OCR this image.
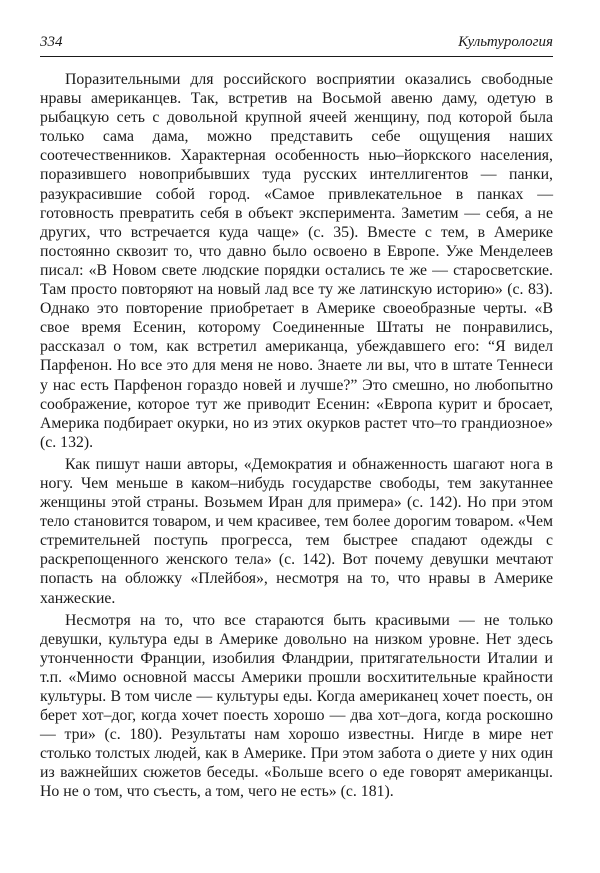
334	Культурология

Поразительными для российского восприятии оказались свободные нравы американцев. Так, встретив на Восьмой авеню даму, одетую в рыбацкую сеть с довольной крупной ячеей женщину, под которой была только сама дама, можно представить себе ощущения наших соотечественников. Характерная особенность нью–йоркского населения, поразившего новоприбывших туда русских интеллигентов — панки, разукрасившие собой город. «Самое привлекательное в панках — готовность превратить себя в объект эксперимента. Заметим — себя, а не других, что встречается куда чаще» (с. 35). Вместе с тем, в Америке постоянно сквозит то, что давно было освоено в Европе. Уже Менделеев писал: «В Новом свете людские порядки остались те же — старосветские. Там просто повторяют на новый лад все ту же латинскую историю» (с. 83). Однако это повторение приобретает в Америке своеобразные черты. «В свое время Есенин, которому Соединенные Штаты не понравились, рассказал о том, как встретил американца, убеждавшего его: “Я видел Парфенон. Но все это для меня не ново. Знаете ли вы, что в штате Теннеси у нас есть Парфенон гораздо новей и лучше?” Это смешно, но любопытно соображение, которое тут же приводит Есенин: «Европа курит и бросает, Америка подбирает окурки, но из этих окурков растет что–то грандиозное» (с. 132).

Как пишут наши авторы, «Демократия и обнаженность шагают нога в ногу. Чем меньше в каком–нибудь государстве свободы, тем закутаннее женщины этой страны. Возьмем Иран для примера» (с. 142). Но при этом тело становится товаром, и чем красивее, тем более дорогим товаром. «Чем стремительней поступь прогресса, тем быстрее спадают одежды с раскрепощенного женского тела» (с. 142). Вот почему девушки мечтают попасть на обложку «Плейбоя», несмотря на то, что нравы в Америке ханжеские.

Несмотря на то, что все стараются быть красивыми — не только девушки, культура еды в Америке довольно на низком уровне. Нет здесь утонченности Франции, изобилия Фландрии, притягательности Италии и т.п. «Мимо основной массы Америки прошли восхитительные крайности культуры. В том числе — культуры еды. Когда американец хочет поесть, он берет хот–дог, когда хочет поесть хорошо — два хот–дога, когда роскошно — три» (с. 180). Результаты нам хорошо известны. Нигде в мире нет столько толстых людей, как в Америке. При этом забота о диете у них один из важнейших сюжетов беседы. «Больше всего о еде говорят американцы. Но не о том, что съесть, а том, чего не есть» (с. 181).
